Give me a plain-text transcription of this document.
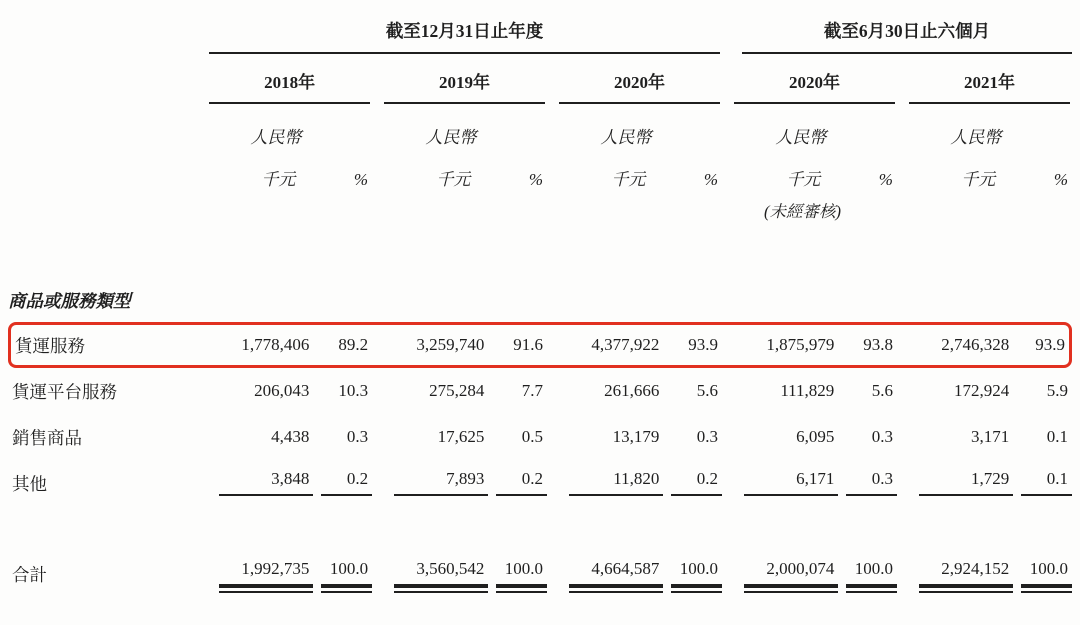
	截至12月31日止年度						截至6月30日止六個月			

	2018年		2019年		2020年		2020年		2021年	

	人民幣		人民幣		人民幣		人民幣		人民幣	

	千元	%	千元	%	千元	%	千元	%	千元	%

							(未經審核)			

商品或服務類型										
貨運服務	1,778,406	89.2	3,259,740	91.6	4,377,922	93.9	1,875,979	93.8	2,746,328	93.9

貨運平台服務	206,043	10.3	275,284	7.7	261,666	5.6	111,829	5.6	172,924	5.9

銷售商品	4,438	0.3	17,625	0.5	13,179	0.3	6,095	0.3	3,171	0.1

其他	3,848	0.2	7,893	0.2	11,820	0.2	6,171	0.3	1,729	0.1

合計	1,992,735	100.0	3,560,542	100.0	4,664,587	100.0	2,000,074	100.0	2,924,152	100.0
